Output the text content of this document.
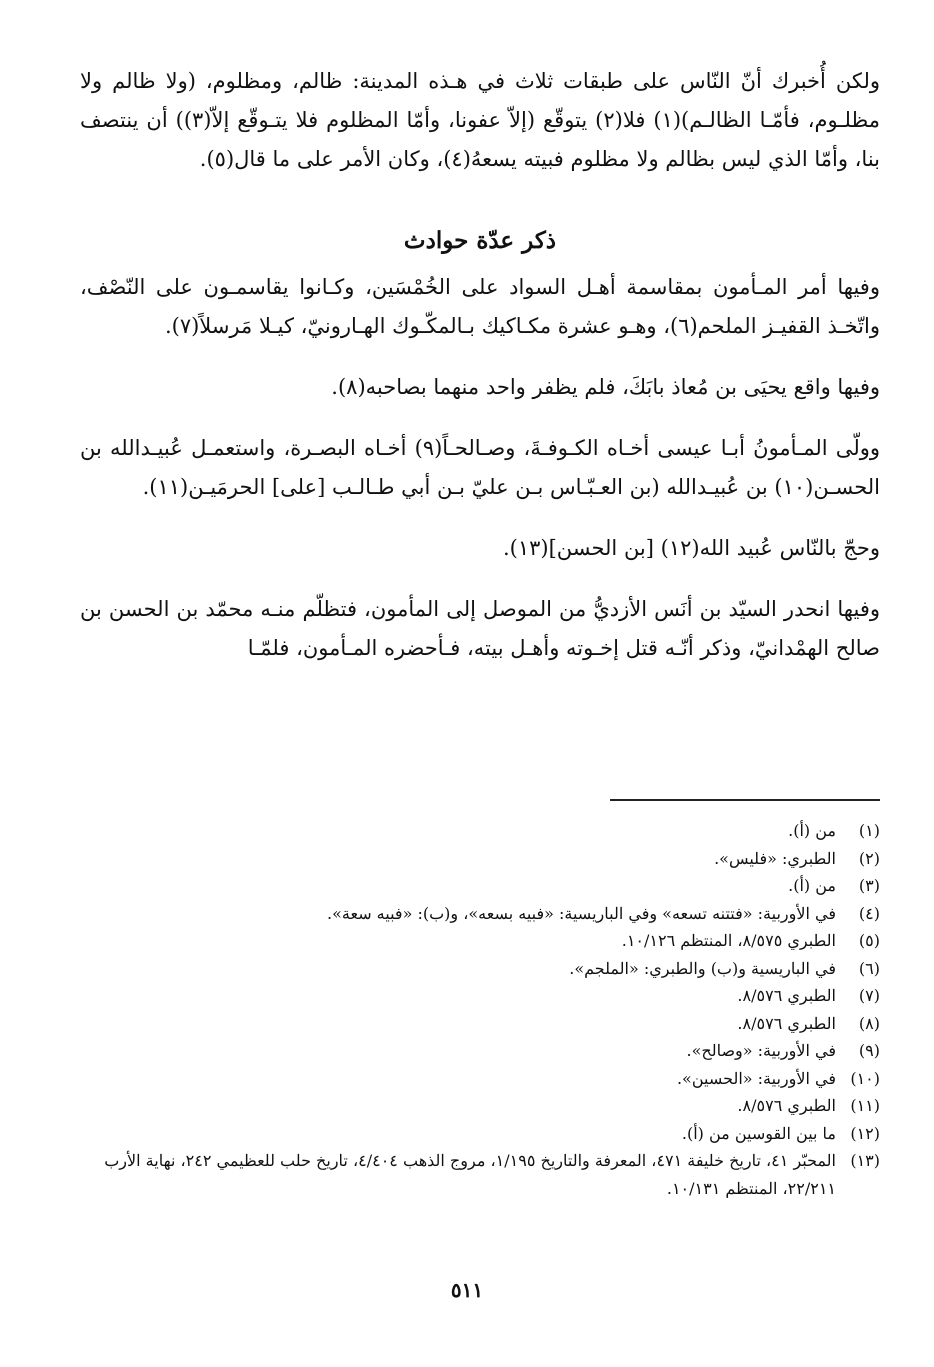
ولكن أُخبرك أنّ النّاس على طبقات ثلاث في هـذه المدينة: ظالم، ومظلوم، (ولا ظالم ولا مظلـوم، فأمّـا الظالـم)(١) فلا(٢) يتوقّع (إلاّ عفونا، وأمّا المظلوم فلا يتـوقّع إلاّ(٣)) أن ينتصف بنا، وأمّا الذي ليس بظالم ولا مظلوم فبيته يسعهُ(٤)، وكان الأمر على ما قال(٥).

ذكر عدّة حوادث

وفيها أمر المـأمون بمقاسمة أهـل السواد على الخُمْسَين، وكـانوا يقاسمـون على النّصْف، واتّخـذ القفيـز الملحم(٦)، وهـو عشرة مكـاكيك بـالمكّـوك الهـارونيّ، كيـلا مَرسلاً(٧).

وفيها واقع يحيَى بن مُعاذ بابَكَ، فلم يظفر واحد منهما بصاحبه(٨).

وولّى المـأمونُ أبـا عيسى أخـاه الكـوفـةَ، وصـالحـاً(٩) أخـاه البصـرة، واستعمـل عُبيـدالله بن الحسـن(١٠) بن عُبيـدالله (بن العـبّـاس بـن عليّ بـن أبي طـالـب [على] الحرمَيـن(١١).

وحجّ بالنّاس عُبيد الله(١٢) [بن الحسن](١٣).

وفيها انحدر السيّد بن أنَس الأزديُّ من الموصل إلى المأمون، فتظلّم منـه محمّد بن الحسن بن صالح الهمْدانيّ، وذكر أنّـه قتل إخـوته وأهـل بيته، فـأحضره المـأمون، فلمّـا

(١)
من (أ).
(٢)
الطبري: «فليس».
(٣)
من (أ).
(٤)
في الأوربية: «فتتنه تسعه» وفي الباريسية: «فبيه بسعه»، و(ب): «فبيه سعة».
(٥)
الطبري ٨/٥٧٥، المنتظم ١٠/١٢٦.
(٦)
في الباريسية و(ب) والطبري: «الملجم».
(٧)
الطبري ٨/٥٧٦.
(٨)
الطبري ٨/٥٧٦.
(٩)
في الأوربية: «وصالح».
(١٠)
في الأوربية: «الحسين».
(١١)
الطبري ٨/٥٧٦.
(١٢)
ما بين القوسين من (أ).
(١٣)
المحبّر ٤١، تاريخ خليفة ٤٧١، المعرفة والتاريخ ١/١٩٥، مروج الذهب ٤/٤٠٤، تاريخ حلب للعظيمي ٢٤٢، نهاية الأرب ٢٢/٢١١، المنتظم ١٠/١٣١.
٥١١
